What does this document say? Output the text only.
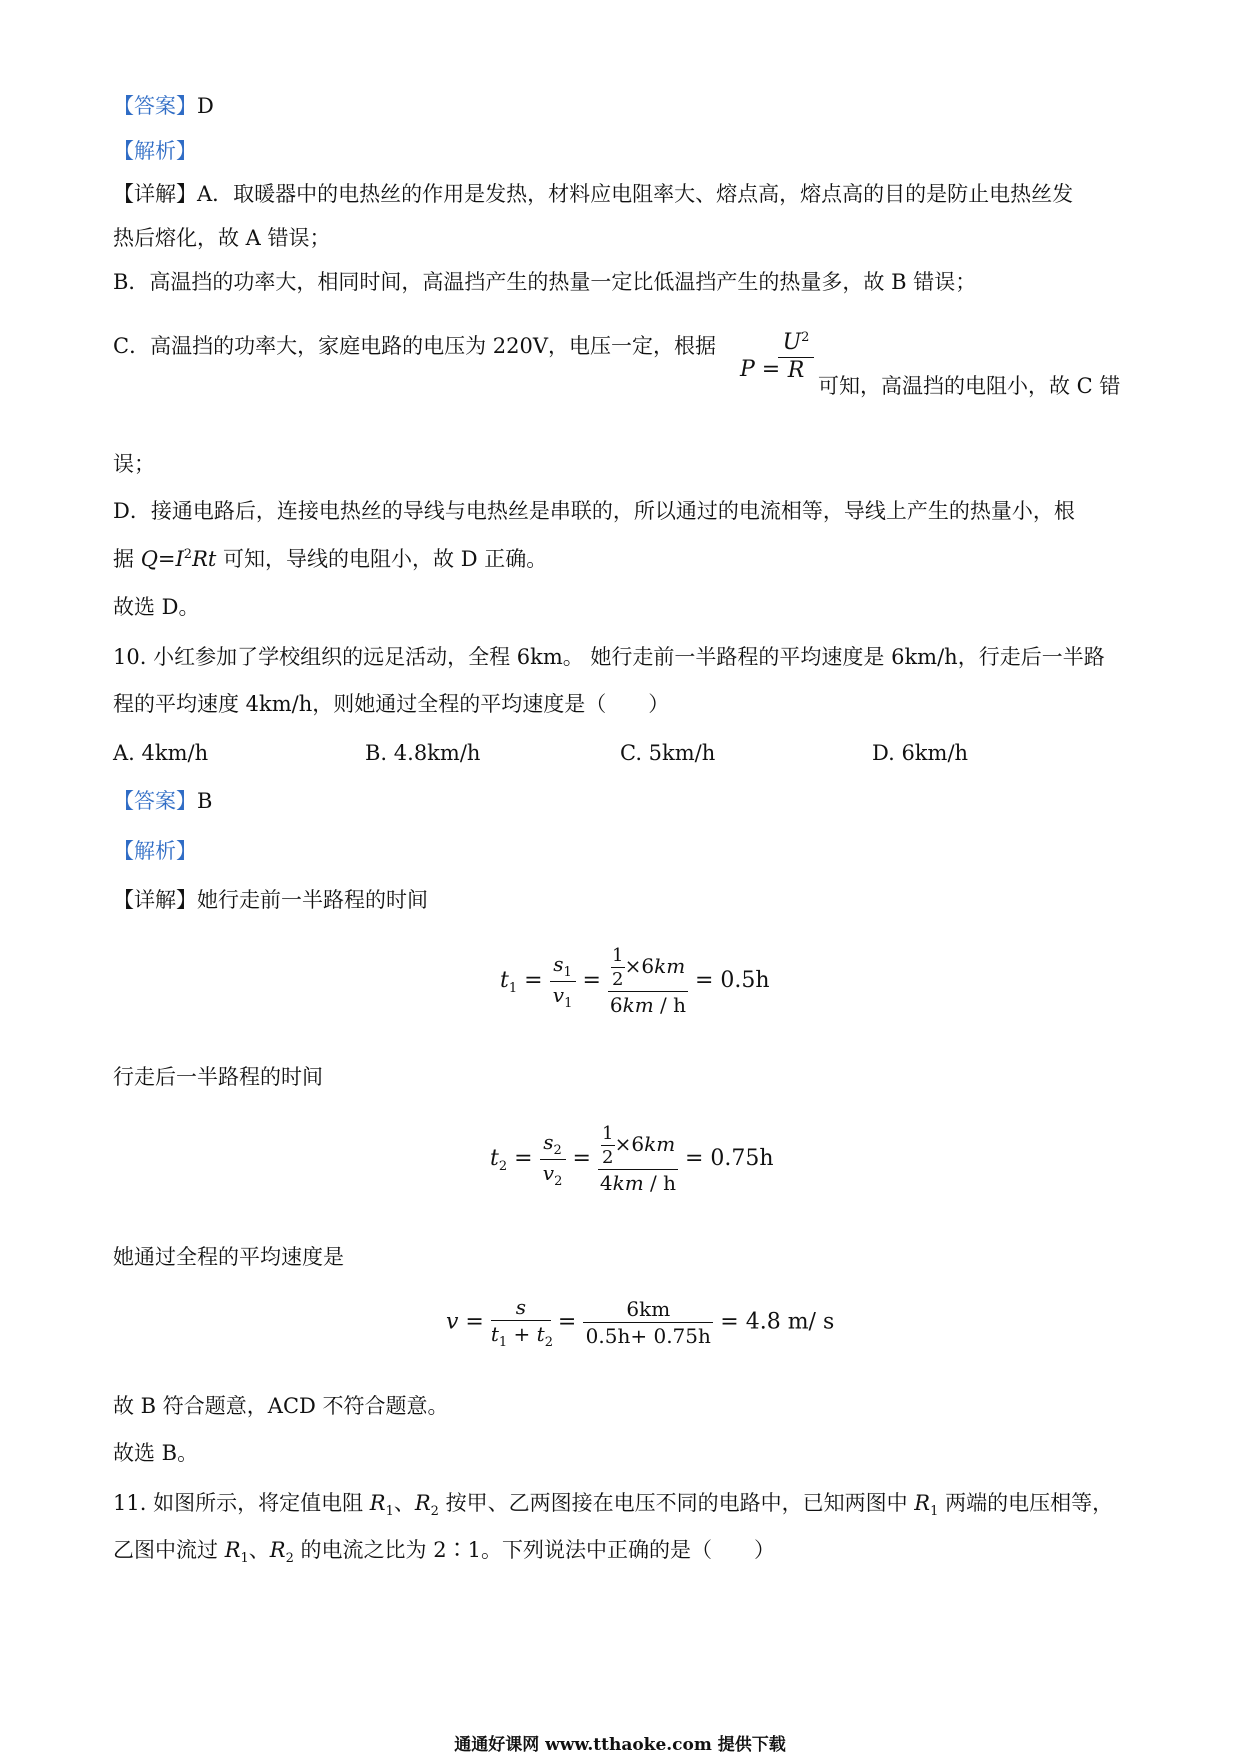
【答案】D
【解析】
【详解】A．取暖器中的电热丝的作用是发热，材料应电阻率大、熔点高，熔点高的目的是防止电热丝发
热后熔化，故 A 错误；
B．高温挡的功率大，相同时间，高温挡产生的热量一定比低温挡产生的热量多，故 B 错误；
C．高温挡的功率大，家庭电路的电压为 220V，电压一定，根据
P =
$U^2$
R
可知，高温挡的电阻小，故 C 错
误；
D．接通电路后，连接电热丝的导线与电热丝是串联的，所以通过的电流相等，导线上产生的热量小，根
据 $Q=I^2Rt$ 可知，导线的电阻小，故 D 正确。
故选 D。
10. 小红参加了学校组织的远足活动，全程 6km。 她行走前一半路程的平均速度是 6km/h，行走后一半路
程的平均速度 4km/h，则她通过全程的平均速度是（　　）
A. 4km/h	B. 4.8km/h	C. 5km/h	D. 6km/h
【答案】B
【解析】
【详解】她行走前一半路程的时间
$t_1 = \frac{s_1}{v_1} = \frac{\frac{1}{2} \times 6km}{6km / h} = 0.5h$
行走后一半路程的时间
$t_2 = \frac{s_2}{v_2} = \frac{\frac{1}{2} \times 6km}{4km / h} = 0.75h$
她通过全程的平均速度是
$v = \frac{s}{t_1 + t_2} = \frac{6km}{0.5h+ 0.75h} = 4.8$ m/ s
故 B 符合题意，ACD 不符合题意。
故选 B。
11. 如图所示，将定值电阻 $R_1$、$R_2$ 按甲、乙两图接在电压不同的电路中，已知两图中 $R_1$ 两端的电压相等，
乙图中流过 $R_1$、$R_2$ 的电流之比为 2∶1。下列说法中正确的是（　　）
通通好课网 www.tthaoke.com 提供下载
